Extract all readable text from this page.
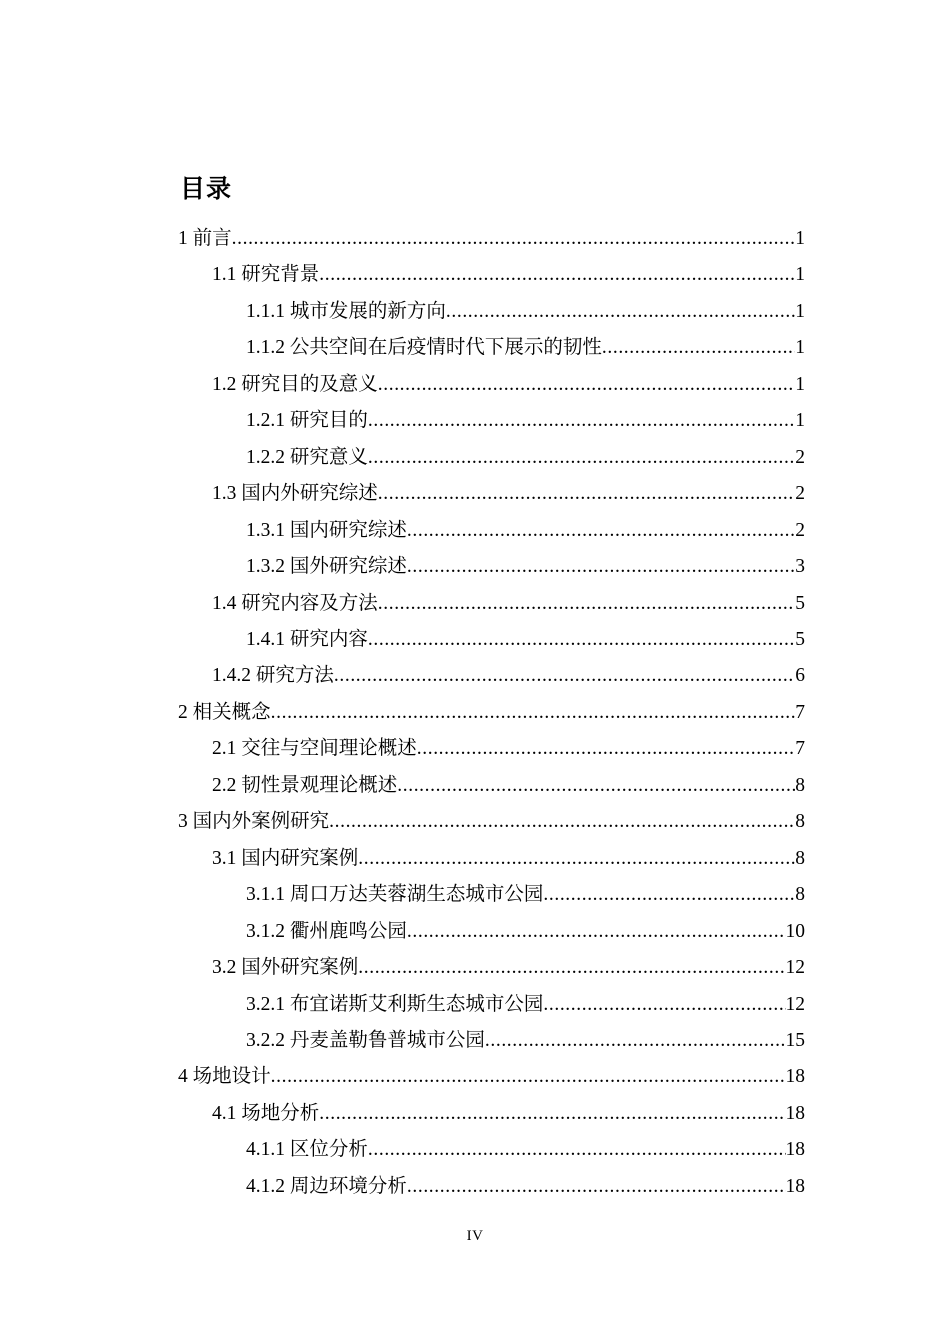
目录
1 前言 .....	1
1.1 研究背景 .....	1
1.1.1 城市发展的新方向 .....	1
1.1.2 公共空间在后疫情时代下展示的韧性 .....	1
1.2 研究目的及意义 .....	1
1.2.1 研究目的 .....	1
1.2.2 研究意义 .....	2
1.3 国内外研究综述 .....	2
1.3.1 国内研究综述 .....	2
1.3.2 国外研究综述 .....	3
1.4 研究内容及方法 .....	5
1.4.1 研究内容 .....	5
1.4.2 研究方法 .....	6
2 相关概念 .....	7
2.1 交往与空间理论概述 .....	7
2.2 韧性景观理论概述 .....	8
3 国内外案例研究 .....	8
3.1 国内研究案例 .....	8
3.1.1 周口万达芙蓉湖生态城市公园 .....	8
3.1.2 衢州鹿鸣公园 .....	10
3.2 国外研究案例 .....	12
3.2.1 布宜诺斯艾利斯生态城市公园 .....	12
3.2.2 丹麦盖勒鲁普城市公园 .....	15
4 场地设计 .....	18
4.1 场地分析 .....	18
4.1.1 区位分析 .....	18
4.1.2 周边环境分析 .....	18
IV
